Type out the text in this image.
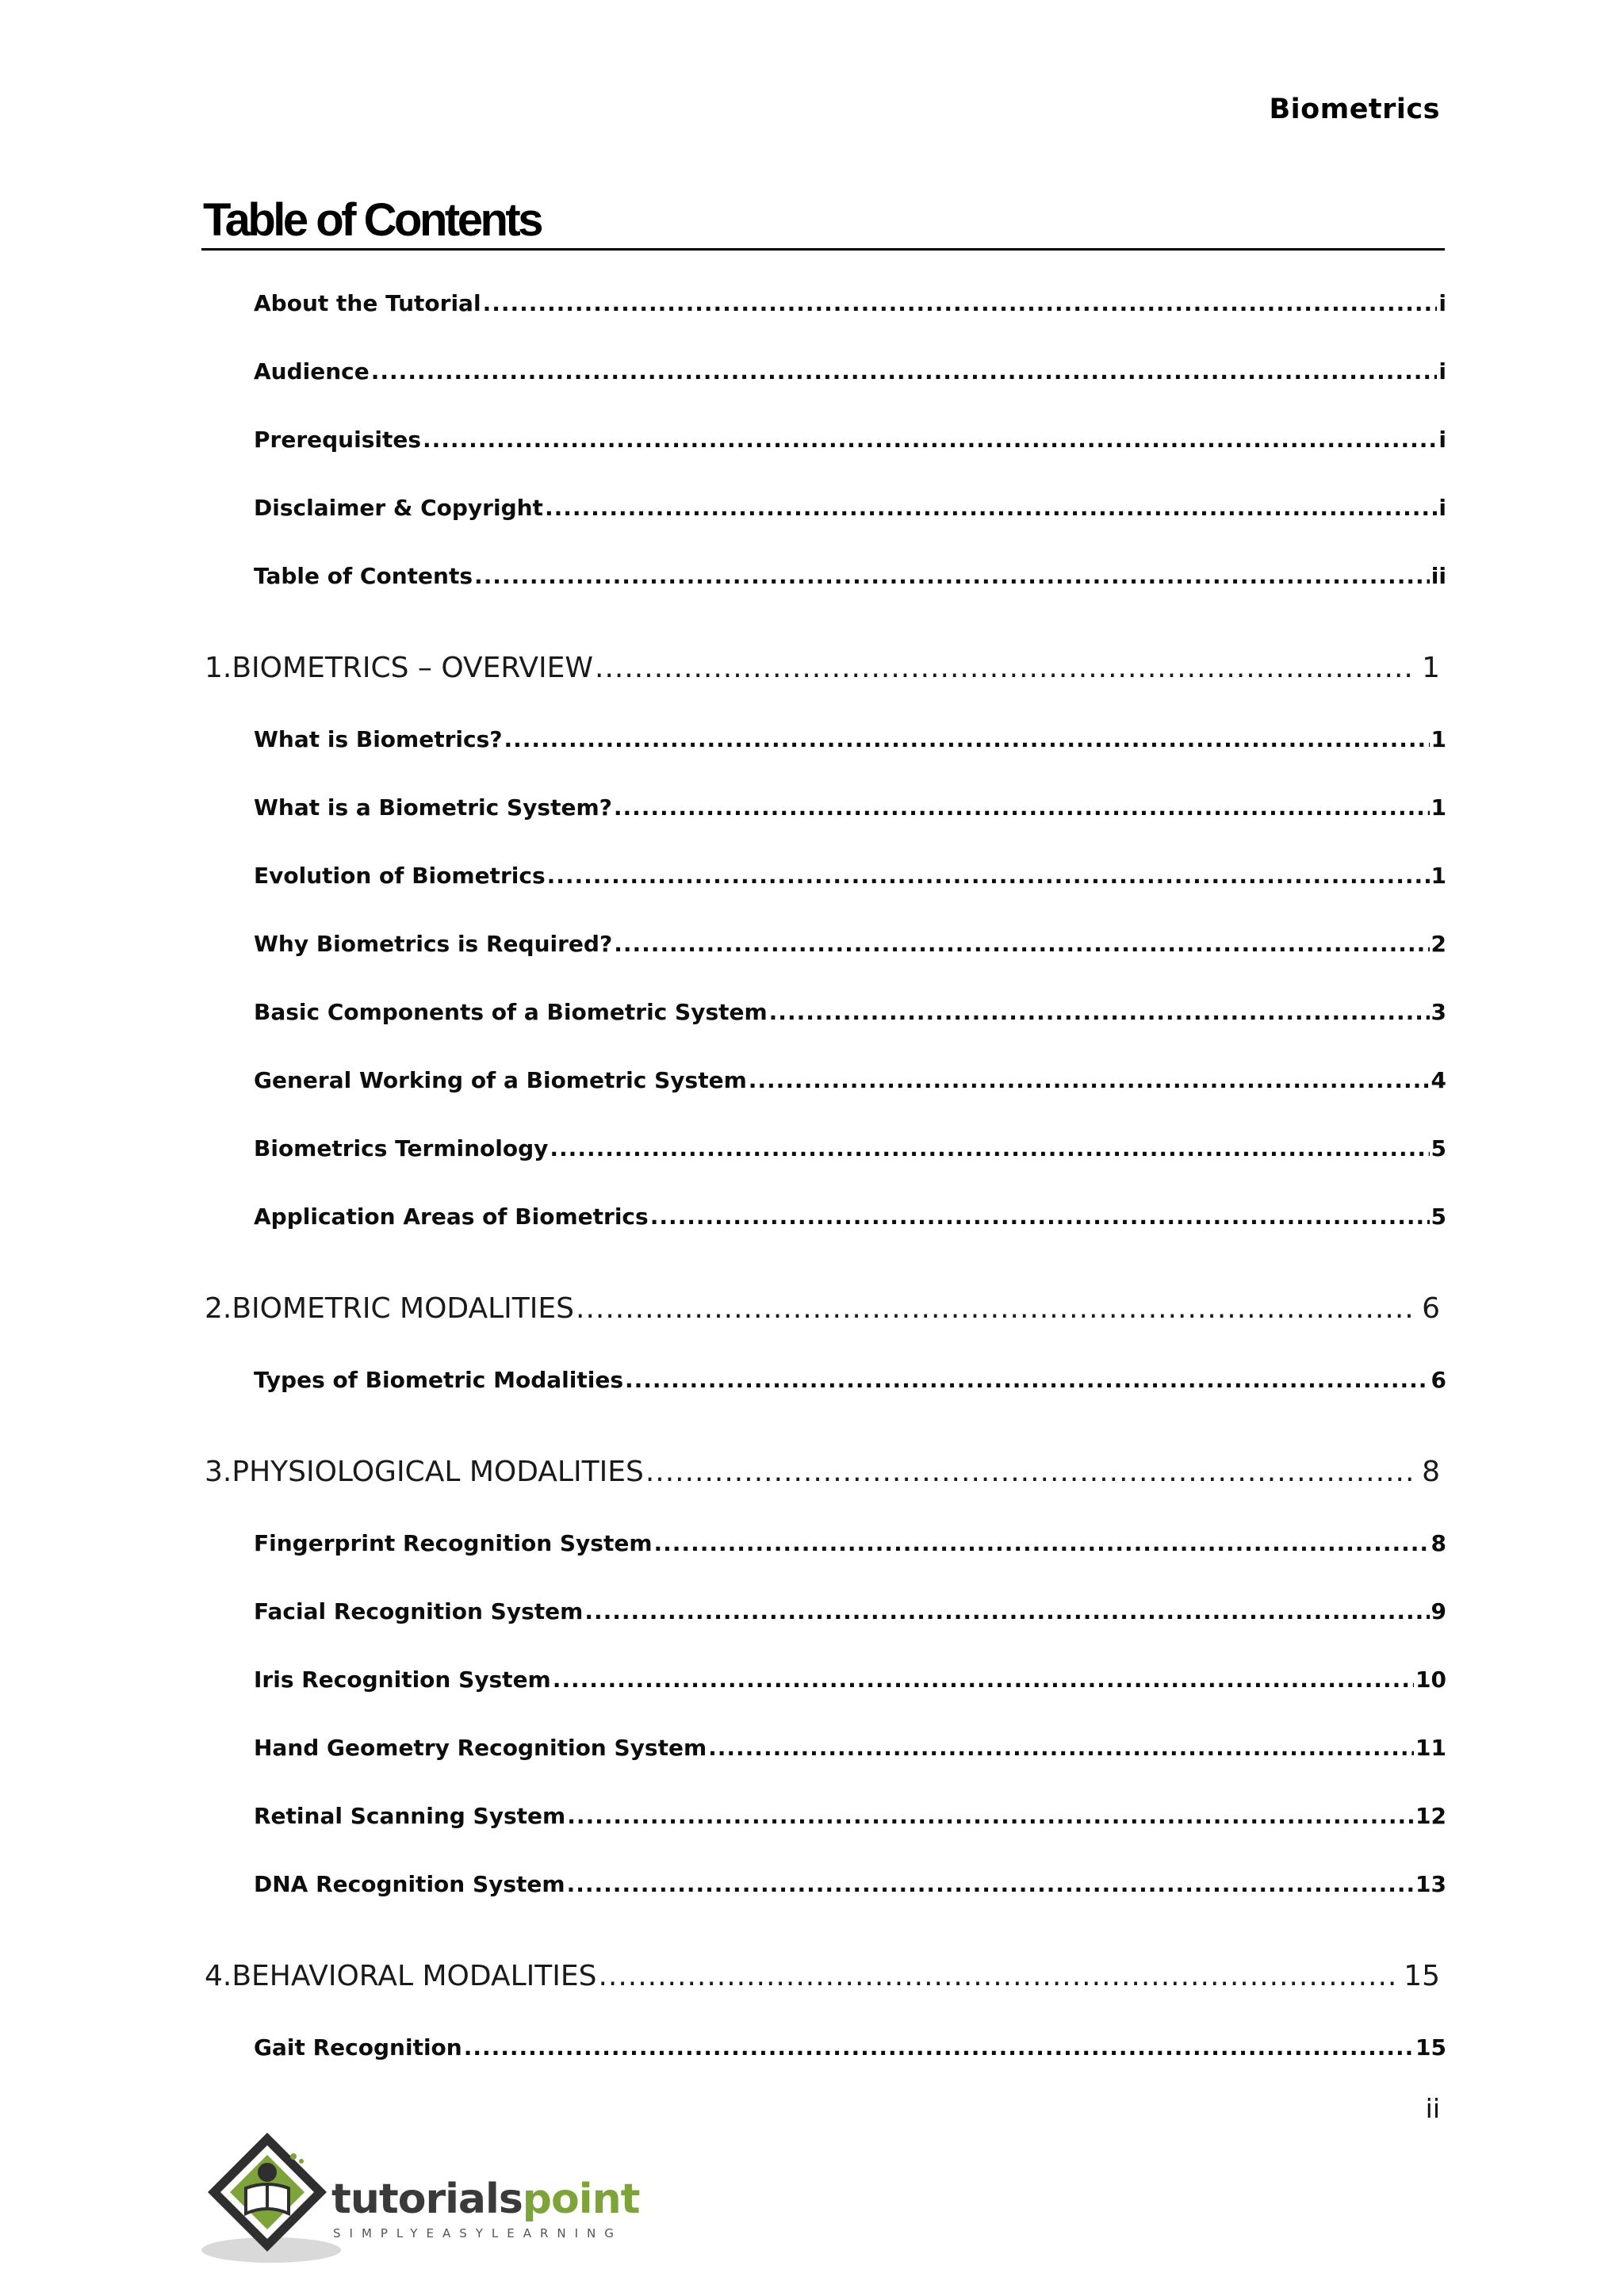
Biometrics
Table of Contents
About the Tutorial .....	i
Audience .....	i
Prerequisites .....	i
Disclaimer & Copyright .....	i
Table of Contents .....	ii
1. BIOMETRICS – OVERVIEW .....	1
What is Biometrics? .....	1
What is a Biometric System? .....	1
Evolution of Biometrics .....	1
Why Biometrics is Required? .....	2
Basic Components of a Biometric System .....	3
General Working of a Biometric System .....	4
Biometrics Terminology .....	5
Application Areas of Biometrics .....	5
2. BIOMETRIC MODALITIES .....	6
Types of Biometric Modalities .....	6
3. PHYSIOLOGICAL MODALITIES .....	8
Fingerprint Recognition System .....	8
Facial Recognition System .....	9
Iris Recognition System .....	10
Hand Geometry Recognition System .....	11
Retinal Scanning System .....	12
DNA Recognition System .....	13
4. BEHAVIORAL MODALITIES .....	15
Gait Recognition .....	15
ii
tutorialspoint
SIMPLYEASYLEARNING
